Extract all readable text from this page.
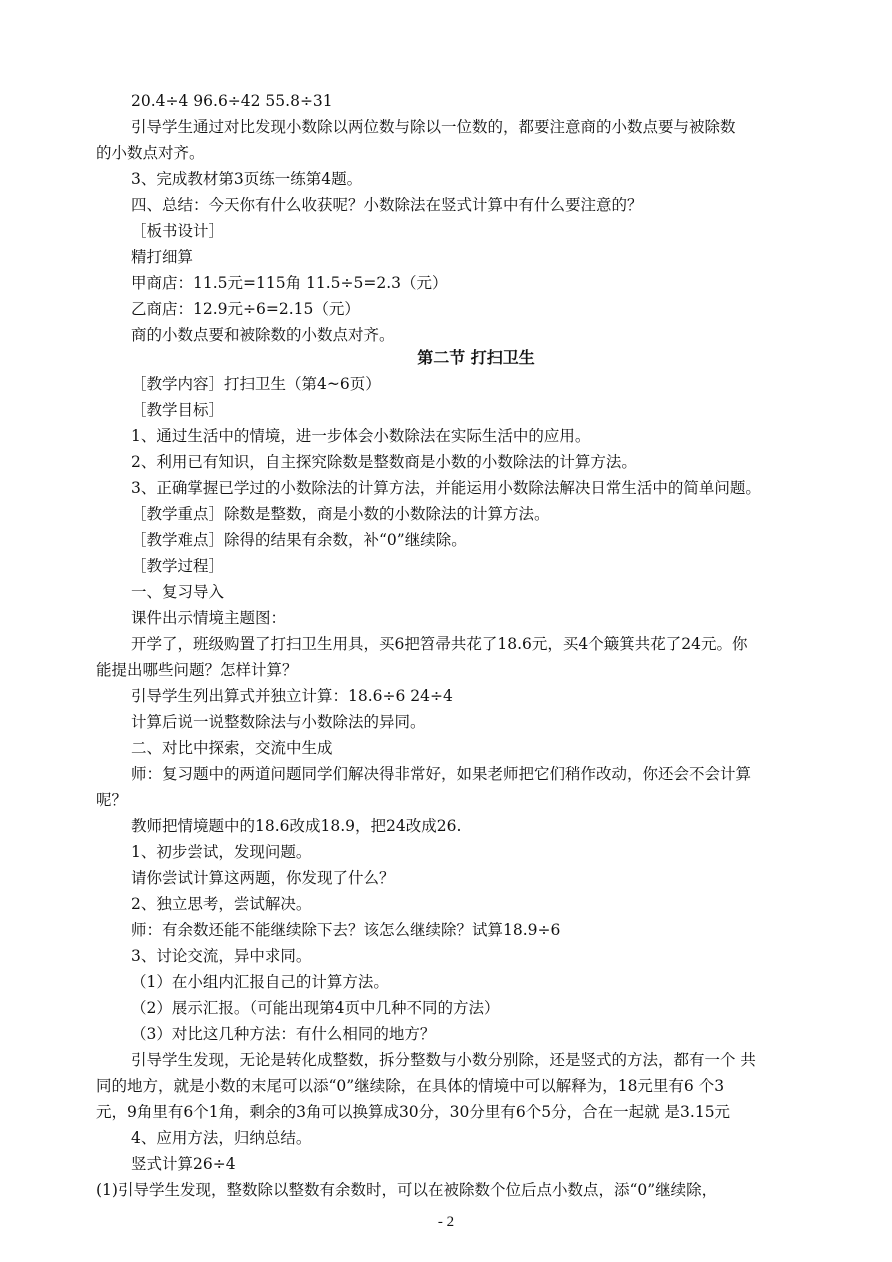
20.4÷4 96.6÷42 55.8÷31
引导学生通过对比发现小数除以两位数与除以一位数的，都要注意商的小数点要与被除数
的小数点对齐。
3、完成教材第3页练一练第4题。
四、总结：今天你有什么收获呢？小数除法在竖式计算中有什么要注意的？
［板书设计］
精打细算
甲商店：11.5元=115角 11.5÷5=2.3（元）
乙商店：12.9元÷6=2.15（元）
商的小数点要和被除数的小数点对齐。
第二节 打扫卫生
［教学内容］打扫卫生（第4~6页）
［教学目标］
1、通过生活中的情境，进一步体会小数除法在实际生活中的应用。
2、利用已有知识，自主探究除数是整数商是小数的小数除法的计算方法。
3、正确掌握已学过的小数除法的计算方法，并能运用小数除法解决日常生活中的简单问题。
［教学重点］除数是整数，商是小数的小数除法的计算方法。
［教学难点］除得的结果有余数，补“0”继续除。
［教学过程］
一、复习导入
课件出示情境主题图：
开学了，班级购置了打扫卫生用具，买6把笤帚共花了18.6元，买4个簸箕共花了24元。你
能提出哪些问题？怎样计算？
引导学生列出算式并独立计算：18.6÷6 24÷4
计算后说一说整数除法与小数除法的异同。
二、对比中探索，交流中生成
师：复习题中的两道问题同学们解决得非常好，如果老师把它们稍作改动，你还会不会计算
呢？
教师把情境题中的18.6改成18.9，把24改成26.
1、初步尝试，发现问题。
请你尝试计算这两题，你发现了什么？
2、独立思考，尝试解决。
师：有余数还能不能继续除下去？该怎么继续除？试算18.9÷6
3、讨论交流，异中求同。
（1）在小组内汇报自己的计算方法。
（2）展示汇报。（可能出现第4页中几种不同的方法）
（3）对比这几种方法：有什么相同的地方？
引导学生发现，无论是转化成整数，拆分整数与小数分别除，还是竖式的方法，都有一个 共
同的地方，就是小数的末尾可以添“0”继续除，在具体的情境中可以解释为，18元里有6 个3
元，9角里有6个1角，剩余的3角可以换算成30分，30分里有6个5分，合在一起就 是3.15元
4、应用方法，归纳总结。
竖式计算26÷4
(1)引导学生发现，整数除以整数有余数时，可以在被除数个位后点小数点，添“0”继续除，
- 2
